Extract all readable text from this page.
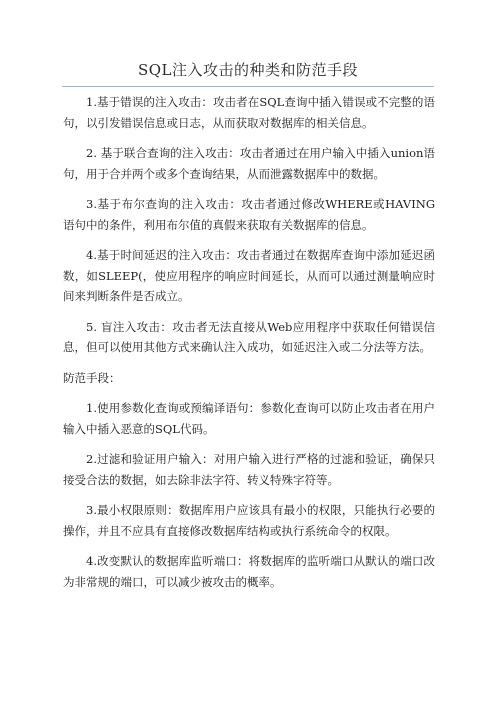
SQL注入攻击的种类和防范手段

1.基于错误的注入攻击：攻击者在SQL查询中插入错误或不完整的语句，以引发错误信息或日志，从而获取对数据库的相关信息。

2. 基于联合查询的注入攻击：攻击者通过在用户输入中插入union语句，用于合并两个或多个查询结果，从而泄露数据库中的数据。

3.基于布尔查询的注入攻击：攻击者通过修改WHERE或HAVING语句中的条件，利用布尔值的真假来获取有关数据库的信息。

4.基于时间延迟的注入攻击：攻击者通过在数据库查询中添加延迟函数，如SLEEP(，使应用程序的响应时间延长，从而可以通过测量响应时间来判断条件是否成立。

5. 盲注入攻击：攻击者无法直接从Web应用程序中获取任何错误信息，但可以使用其他方式来确认注入成功，如延迟注入或二分法等方法。

防范手段：

1.使用参数化查询或预编译语句：参数化查询可以防止攻击者在用户输入中插入恶意的SQL代码。

2.过滤和验证用户输入：对用户输入进行严格的过滤和验证，确保只接受合法的数据，如去除非法字符、转义特殊字符等。

3.最小权限原则：数据库用户应该具有最小的权限，只能执行必要的操作，并且不应具有直接修改数据库结构或执行系统命令的权限。

4.改变默认的数据库监听端口：将数据库的监听端口从默认的端口改为非常规的端口，可以减少被攻击的概率。
